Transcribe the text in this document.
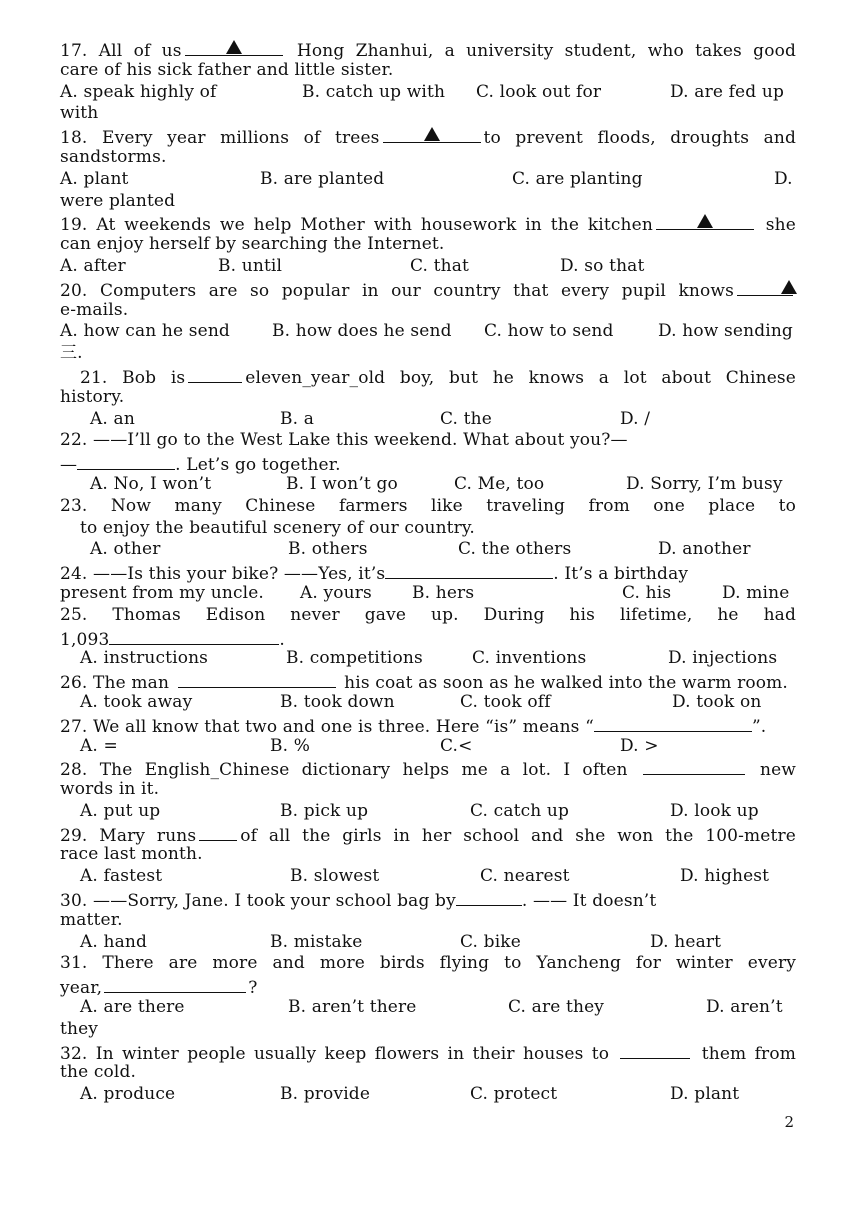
17. All of us	Hong Zhanhui, a university student, who takes good
care of his sick father and little sister.
A. speak highly of	B. catch up with	C. look out for	D. are fed up
with
18. Every year millions of trees	to prevent floods, droughts and
sandstorms.
A. plant	B. are planted	C. are planting	D.
were planted
19. At weekends we help Mother with housework in the kitchen	she
can enjoy herself by searching the Internet.
A. after	B. until	C. that	D. so that
20. Computers are so popular in our country that every pupil knows
e-mails.
A. how can he send	B. how does he send	C. how to send	D. how sending
三.
21. Bob is	eleven_year_old boy, but he knows a lot about Chinese
history.
A. an	B. a	C. the	D. /
22. ——I’ll go to the West Lake this weekend. What about you?—
—	. Let’s go together.
A. No, I won’t	B. I won’t go	C. Me, too	D. Sorry, I’m busy
23. Now many Chinese farmers like traveling from one place to
to enjoy the beautiful scenery of our country.
A. other	B. others	C. the others	D. another
24. ——Is this your bike? ——Yes, it’s	. It’s a birthday
present from my uncle.	A. yours	B. hers	C. his	D. mine
25. Thomas Edison never gave up. During his lifetime, he had
1,093	.
A. instructions	B. competitions	C. inventions	D. injections
26. The man	his coat as soon as he walked into the warm room.
A. took away	B. took down	C. took off	D. took on
27. We all know that two and one is three. Here “is” means “	”.
A. =	B. %	C.<	D. >
28. The English_Chinese dictionary helps me a lot. I often	new
words in it.
A. put up	B. pick up	C. catch up	D. look up
29. Mary runs	of all the girls in her school and she won the 100-metre
race last month.
A. fastest	B. slowest	C. nearest	D. highest
30. ——Sorry, Jane. I took your school bag by	. —— It doesn’t
matter.
A. hand	B. mistake	C. bike	D. heart
31. There are more and more birds flying to Yancheng for winter every
year,	?
A. are there	B. aren’t there	C. are they	D. aren’t
they
32. In winter people usually keep flowers in their houses to	them from
the cold.
A. produce	B. provide	C. protect	D. plant
2
